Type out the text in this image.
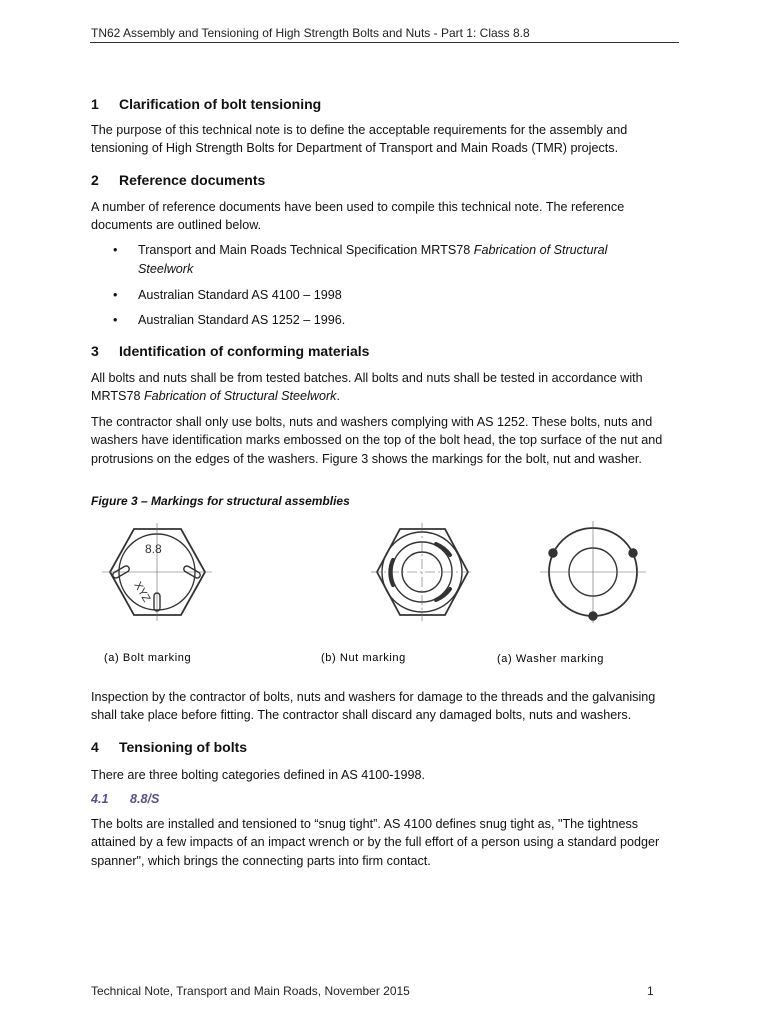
TN62 Assembly and Tensioning of High Strength Bolts and Nuts - Part 1: Class 8.8
1 Clarification of bolt tensioning
The purpose of this technical note is to define the acceptable requirements for the assembly and tensioning of High Strength Bolts for Department of Transport and Main Roads (TMR) projects.
2 Reference documents
A number of reference documents have been used to compile this technical note. The reference documents are outlined below.
• Transport and Main Roads Technical Specification MRTS78 Fabrication of Structural
Steelwork
• Australian Standard AS 4100 – 1998
• Australian Standard AS 1252 – 1996.
3 Identification of conforming materials
All bolts and nuts shall be from tested batches. All bolts and nuts shall be tested in accordance with
MRTS78 Fabrication of Structural Steelwork.
The contractor shall only use bolts, nuts and washers complying with AS 1252. These bolts, nuts and washers have identification marks embossed on the top of the bolt head, the top surface of the nut and protrusions on the edges of the washers. Figure 3 shows the markings for the bolt, nut and washer.
Figure 3 – Markings for structural assemblies
8.8
XYZ
(a) Bolt marking	(b) Nut marking	(a) Washer marking
Inspection by the contractor of bolts, nuts and washers for damage to the threads and the galvanising shall take place before fitting. The contractor shall discard any damaged bolts, nuts and washers.
4 Tensioning of bolts
There are three bolting categories defined in AS 4100-1998.
4.1 8.8/S
The bolts are installed and tensioned to “snug tight”. AS 4100 defines snug tight as, "The tightness attained by a few impacts of an impact wrench or by the full effort of a person using a standard podger spanner", which brings the connecting parts into firm contact.
Technical Note, Transport and Main Roads, November 2015	1
